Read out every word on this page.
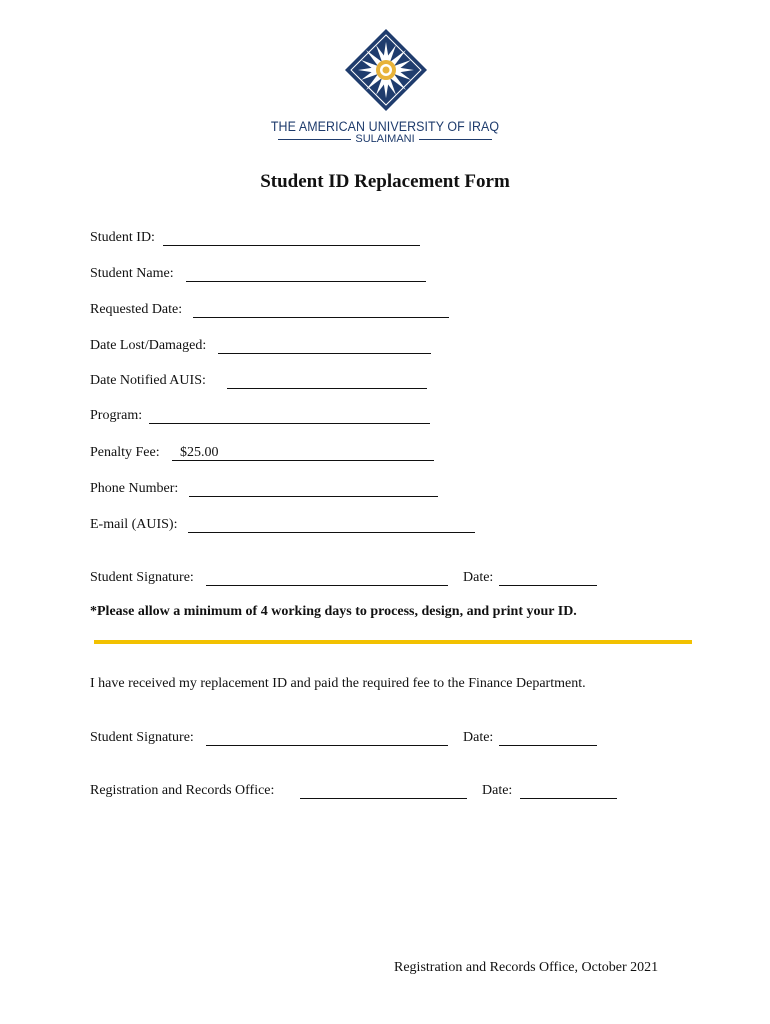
THE AMERICAN UNIVERSITY OF IRAQ
SULAIMANI
Student ID Replacement Form
Student ID:
Student Name:
Requested Date:
Date Lost/Damaged:
Date Notified AUIS:
Program:
Penalty Fee: $25.00
Phone Number:
E-mail (AUIS):
Student Signature:	Date:
*Please allow a minimum of 4 working days to process, design, and print your ID.
I have received my replacement ID and paid the required fee to the Finance Department.
Student Signature:	Date:
Registration and Records Office:	Date:
Registration and Records Office, October 2021
